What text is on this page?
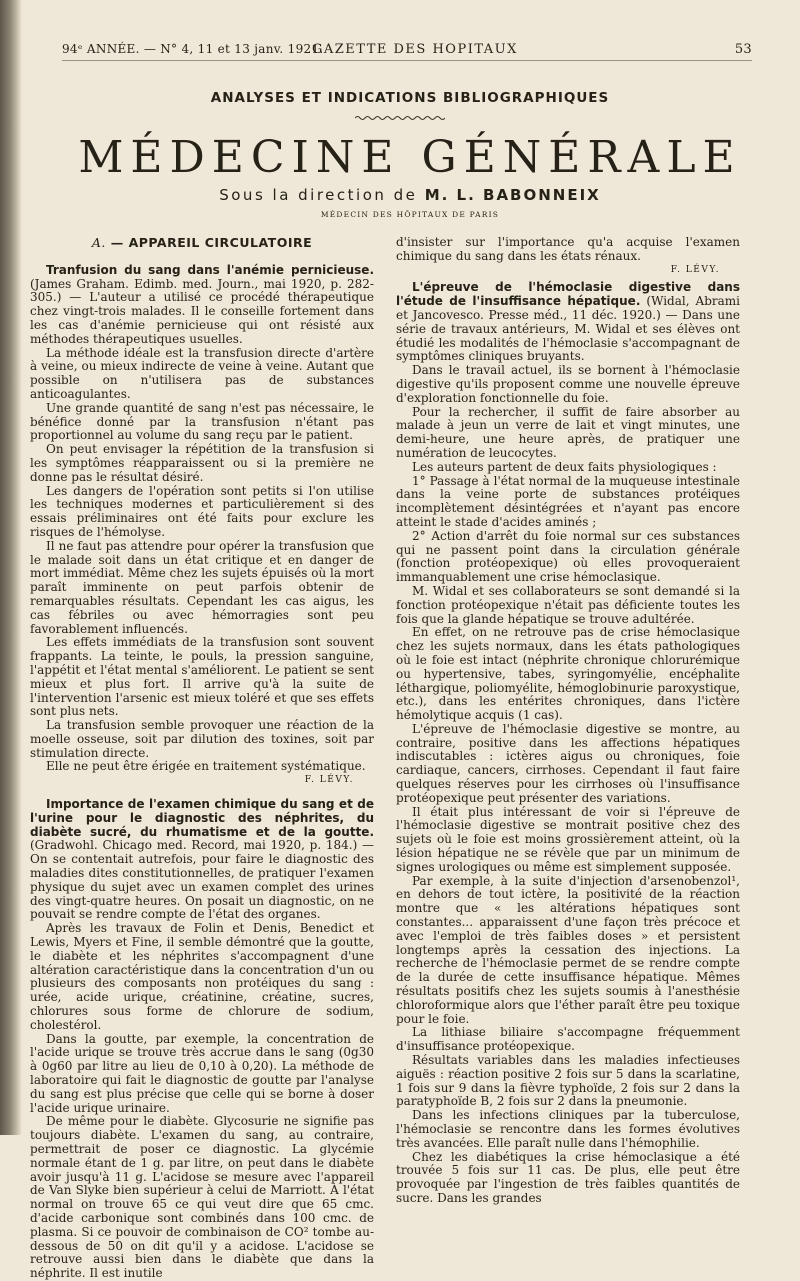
94ᵉ ANNÉE. — N° 4, 11 et 13 janv. 1921.
GAZETTE DES HOPITAUX	53
ANALYSES ET INDICATIONS BIBLIOGRAPHIQUES
MÉDECINE GÉNÉRALE
Sous la direction de M. L. BABONNEIX
MÉDECIN DES HÔPITAUX DE PARIS
A. — APPAREIL CIRCULATOIRE

Tranfusion du sang dans l'anémie pernicieuse. (James Graham. Edimb. med. Journ., mai 1920, p. 282-305.) — L'auteur a utilisé ce procédé thérapeutique chez vingt-trois malades. Il le conseille fortement dans les cas d'anémie pernicieuse qui ont résisté aux méthodes thérapeutiques usuelles.

La méthode idéale est la transfusion directe d'artère à veine, ou mieux indirecte de veine à veine. Autant que possible on n'utilisera pas de substances anticoagulantes.

Une grande quantité de sang n'est pas nécessaire, le bénéfice donné par la transfusion n'étant pas proportionnel au volume du sang reçu par le patient.

On peut envisager la répétition de la transfusion si les symptômes réapparaissent ou si la première ne donne pas le résultat désiré.

Les dangers de l'opération sont petits si l'on utilise les techniques modernes et particulièrement si des essais préliminaires ont été faits pour exclure les risques de l'hémolyse.

Il ne faut pas attendre pour opérer la transfusion que le malade soit dans un état critique et en danger de mort immédiat. Même chez les sujets épuisés où la mort paraît imminente on peut parfois obtenir de remarquables résultats. Cependant les cas aigus, les cas fébriles ou avec hémorragies sont peu favorablement influencés.

Les effets immédiats de la transfusion sont souvent frappants. La teinte, le pouls, la pression sanguine, l'appétit et l'état mental s'améliorent. Le patient se sent mieux et plus fort. Il arrive qu'à la suite de l'intervention l'arsenic est mieux toléré et que ses effets sont plus nets.

La transfusion semble provoquer une réaction de la moelle osseuse, soit par dilution des toxines, soit par stimulation directe.

Elle ne peut être érigée en traitement systématique.

F. LÉVY.

Importance de l'examen chimique du sang et de l'urine pour le diagnostic des néphrites, du diabète sucré, du rhumatisme et de la goutte. (Gradwohl. Chicago med. Record, mai 1920, p. 184.) — On se contentait autrefois, pour faire le diagnostic des maladies dites constitutionnelles, de pratiquer l'examen physique du sujet avec un examen complet des urines des vingt-quatre heures. On posait un diagnostic, on ne pouvait se rendre compte de l'état des organes.

Après les travaux de Folin et Denis, Benedict et Lewis, Myers et Fine, il semble démontré que la goutte, le diabète et les néphrites s'accompagnent d'une altération caractéristique dans la concentration d'un ou plusieurs des composants non protéiques du sang : urée, acide urique, créatinine, créatine, sucres, chlorures sous forme de chlorure de sodium, cholestérol.

Dans la goutte, par exemple, la concentration de l'acide urique se trouve très accrue dans le sang (0g30 à 0g60 par litre au lieu de 0,10 à 0,20). La méthode de laboratoire qui fait le diagnostic de goutte par l'analyse du sang est plus précise que celle qui se borne à doser l'acide urique urinaire.

De même pour le diabète. Glycosurie ne signifie pas toujours diabète. L'examen du sang, au contraire, permettrait de poser ce diagnostic. La glycémie normale étant de 1 g. par litre, on peut dans le diabète avoir jusqu'à 11 g. L'acidose se mesure avec l'appareil de Van Slyke bien supérieur à celui de Marriott. À l'état normal on trouve 65 ce qui veut dire que 65 cmc. d'acide carbonique sont combinés dans 100 cmc. de plasma. Si ce pouvoir de combinaison de CO² tombe au-dessous de 50 on dit qu'il y a acidose. L'acidose se retrouve aussi bien dans le diabète que dans la néphrite. Il est inutile

d'insister sur l'importance qu'a acquise l'examen chimique du sang dans les états rénaux.

F. LÉVY.

L'épreuve de l'hémoclasie digestive dans l'étude de l'insuffisance hépatique. (Widal, Abrami et Jancovesco. Presse méd., 11 déc. 1920.) — Dans une série de travaux antérieurs, M. Widal et ses élèves ont étudié les modalités de l'hémoclasie s'accompagnant de symptômes cliniques bruyants.

Dans le travail actuel, ils se bornent à l'hémoclasie digestive qu'ils proposent comme une nouvelle épreuve d'exploration fonctionnelle du foie.

Pour la rechercher, il suffit de faire absorber au malade à jeun un verre de lait et vingt minutes, une demi-heure, une heure après, de pratiquer une numération de leucocytes.

Les auteurs partent de deux faits physiologiques :

1° Passage à l'état normal de la muqueuse intestinale dans la veine porte de substances protéiques incomplètement désintégrées et n'ayant pas encore atteint le stade d'acides aminés ;

2° Action d'arrêt du foie normal sur ces substances qui ne passent point dans la circulation générale (fonction protéopexique) où elles provoqueraient immanquablement une crise hémoclasique.

M. Widal et ses collaborateurs se sont demandé si la fonction protéopexique n'était pas déficiente toutes les fois que la glande hépatique se trouve adultérée.

En effet, on ne retrouve pas de crise hémoclasique chez les sujets normaux, dans les états pathologiques où le foie est intact (néphrite chronique chlorurémique ou hypertensive, tabes, syringomyélie, encéphalite léthargique, poliomyélite, hémoglobinurie paroxystique, etc.), dans les entérites chroniques, dans l'ictère hémolytique acquis (1 cas).

L'épreuve de l'hémoclasie digestive se montre, au contraire, positive dans les affections hépatiques indiscutables : ictères aigus ou chroniques, foie cardiaque, cancers, cirrhoses. Cependant il faut faire quelques réserves pour les cirrhoses où l'insuffisance protéopexique peut présenter des variations.

Il était plus intéressant de voir si l'épreuve de l'hémoclasie digestive se montrait positive chez des sujets où le foie est moins grossièrement atteint, où la lésion hépatique ne se révèle que par un minimum de signes urologiques ou même est simplement supposée.

Par exemple, à la suite d'injection d'arsenobenzol¹, en dehors de tout ictère, la positivité de la réaction montre que « les altérations hépatiques sont constantes... apparaissent d'une façon très précoce et avec l'emploi de très faibles doses » et persistent longtemps après la cessation des injections. La recherche de l'hémoclasie permet de se rendre compte de la durée de cette insuffisance hépatique. Mêmes résultats positifs chez les sujets soumis à l'anesthésie chloroformique alors que l'éther paraît être peu toxique pour le foie.

La lithiase biliaire s'accompagne fréquemment d'insuffisance protéopexique.

Résultats variables dans les maladies infectieuses aiguës : réaction positive 2 fois sur 5 dans la scarlatine, 1 fois sur 9 dans la fièvre typhoïde, 2 fois sur 2 dans la paratyphoïde B, 2 fois sur 2 dans la pneumonie.

Dans les infections cliniques par la tuberculose, l'hémoclasie se rencontre dans les formes évolutives très avancées. Elle paraît nulle dans l'hémophilie.

Chez les diabétiques la crise hémoclasique a été trouvée 5 fois sur 11 cas. De plus, elle peut être provoquée par l'ingestion de très faibles quantités de sucre. Dans les grandes
